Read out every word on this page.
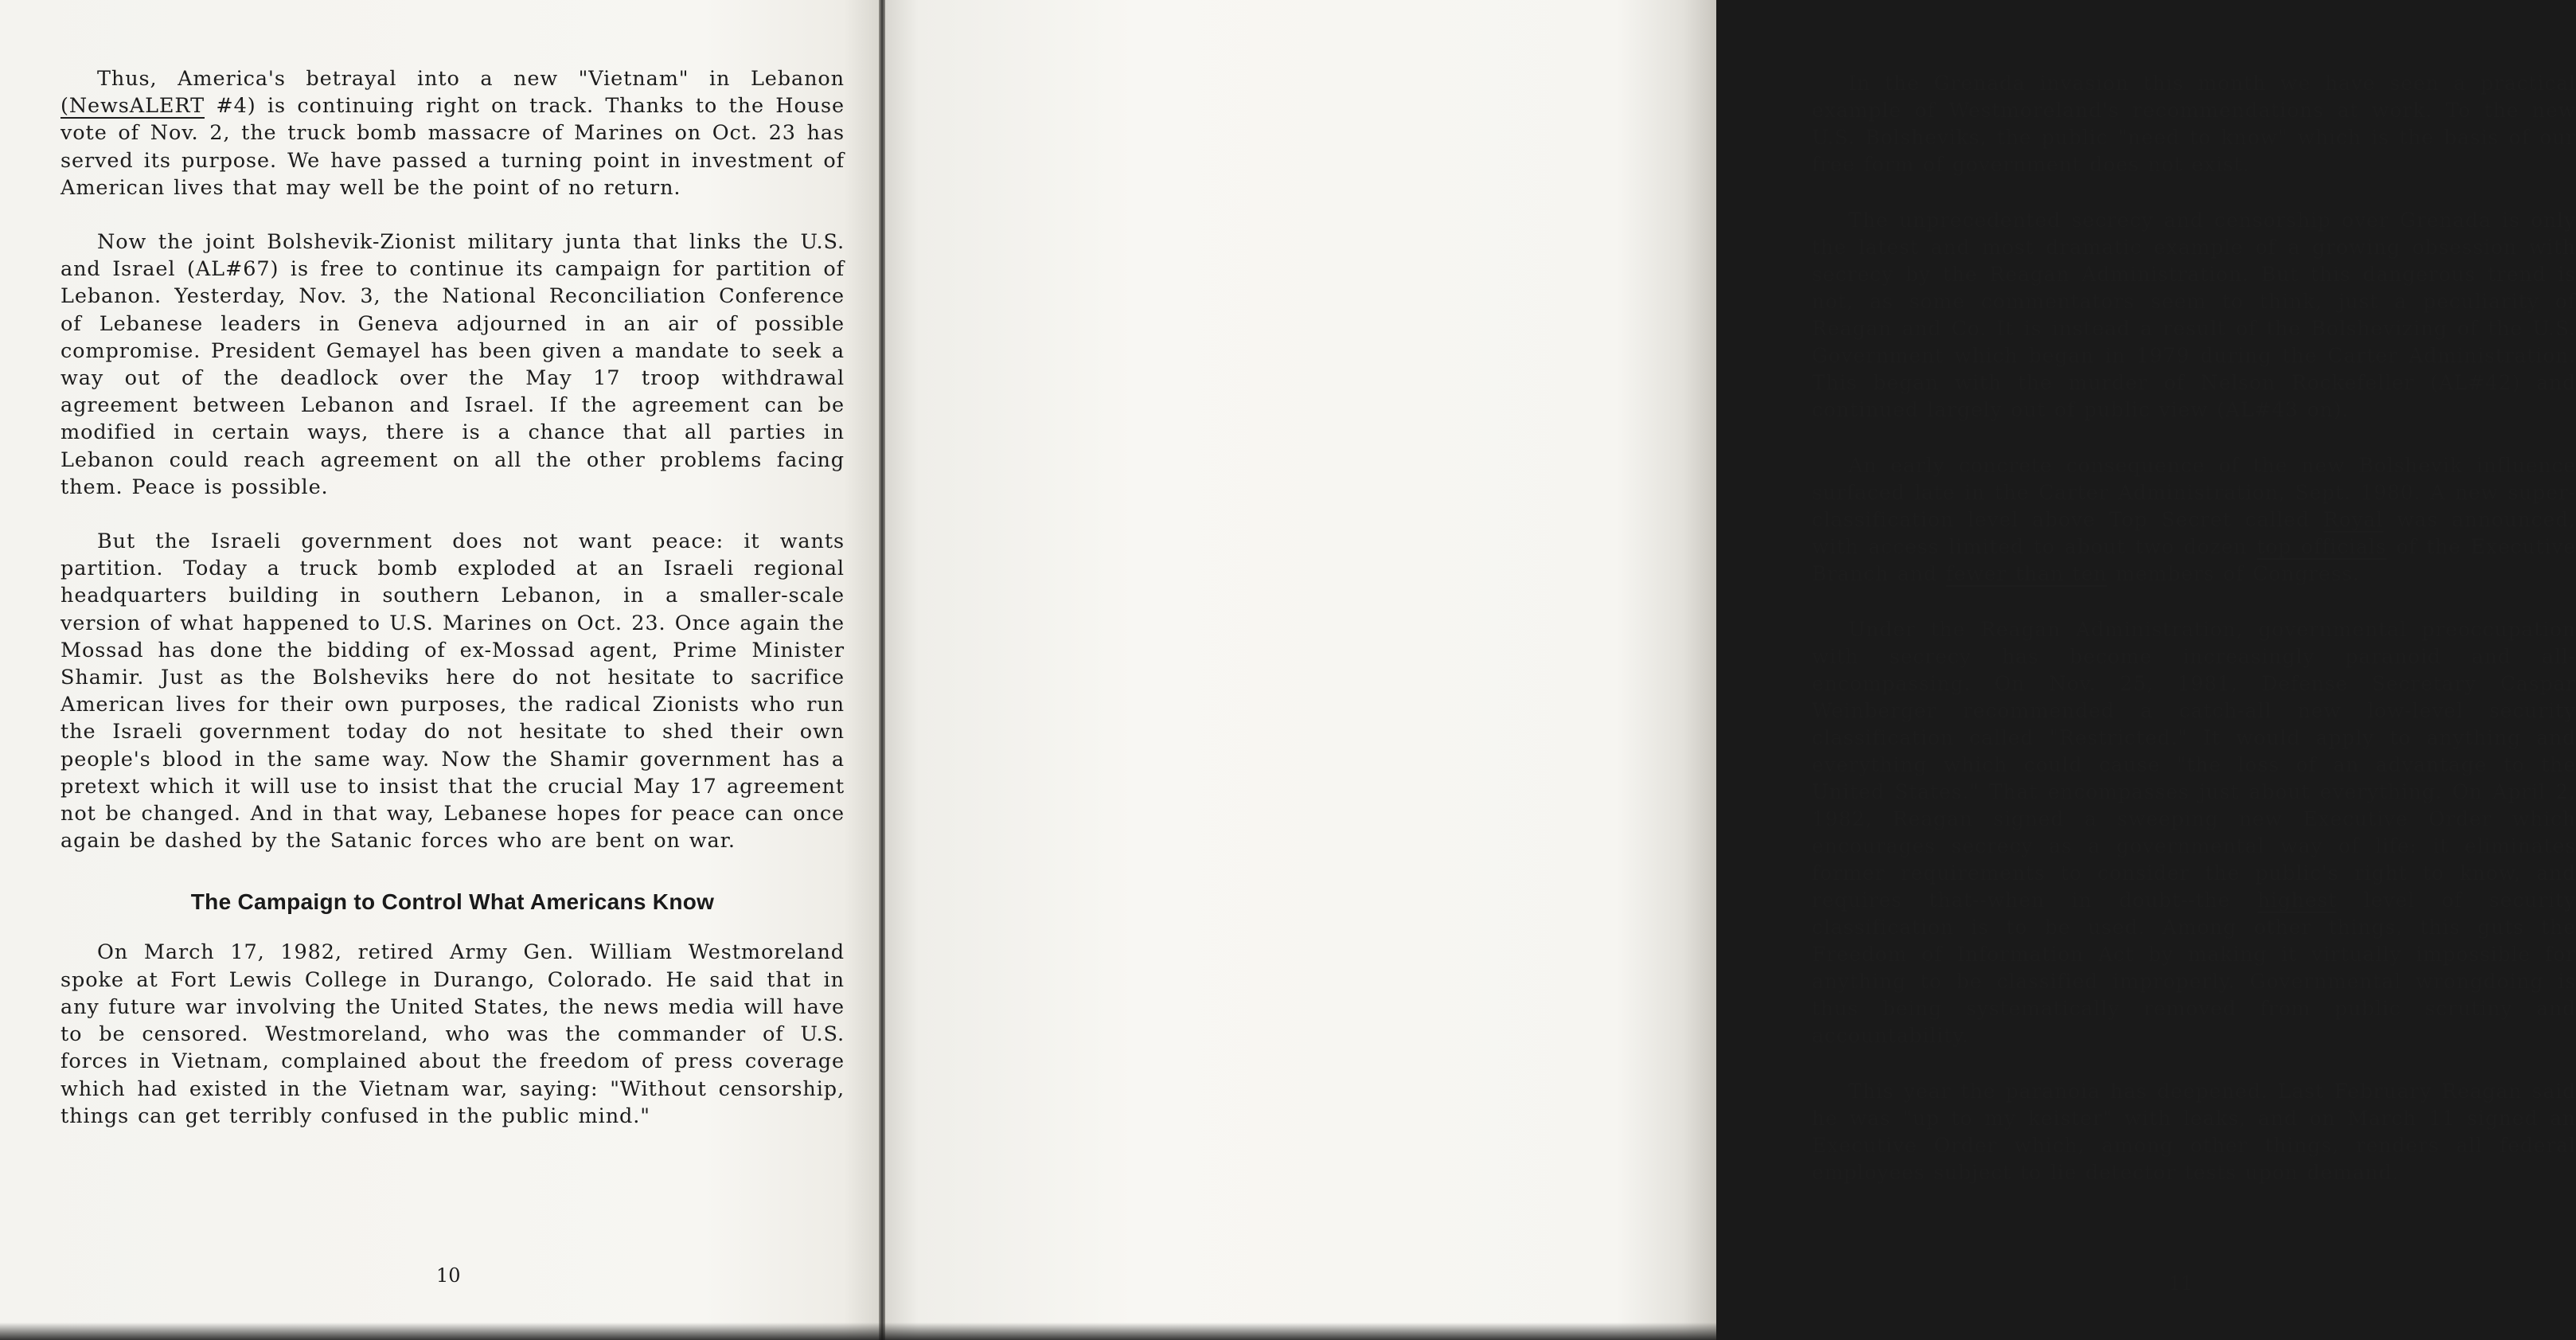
Thus, America's betrayal into a new "Vietnam" in Lebanon (NewsALERT #4) is continuing right on track. Thanks to the House vote of Nov. 2, the truck bomb massacre of Marines on Oct. 23 has served its purpose. We have passed a turning point in investment of American lives that may well be the point of no return.

Now the joint Bolshevik-Zionist military junta that links the U.S. and Israel (AL#67) is free to continue its campaign for partition of Lebanon. Yesterday, Nov. 3, the National Reconciliation Conference of Lebanese leaders in Geneva adjourned in an air of possible compromise. President Gemayel has been given a mandate to seek a way out of the deadlock over the May 17 troop withdrawal agreement between Lebanon and Israel. If the agreement can be modified in certain ways, there is a chance that all parties in Lebanon could reach agreement on all the other problems facing them. Peace is possible.

But the Israeli government does not want peace: it wants partition. Today a truck bomb exploded at an Israeli regional headquarters building in southern Lebanon, in a smaller-scale version of what happened to U.S. Marines on Oct. 23. Once again the Mossad has done the bidding of ex-Mossad agent, Prime Minister Shamir. Just as the Bolsheviks here do not hesitate to sacrifice American lives for their own purposes, the radical Zionists who run the Israeli government today do not hesitate to shed their own people's blood in the same way. Now the Shamir government has a pretext which it will use to insist that the crucial May 17 agreement not be changed. And in that way, Lebanese hopes for peace can once again be dashed by the Satanic forces who are bent on war.

The Campaign to Control What Americans Know

On March 17, 1982, retired Army Gen. William Westmoreland spoke at Fort Lewis College in Durango, Colorado. He said that in any future war involving the United States, the news media will have to be censored. Westmoreland, who was the commander of U.S. forces in Vietnam, complained about the freedom of press coverage which had existed in the Vietnam war, saying: "Without censorship, things can get terribly confused in the public mind."

10

In the Grenada invasion this month we have seen a practical example of Westmoreland's recommendations at work. To the new U.S. Bolsheviks, the public "need to know" which is the basis of our free form of government does not exist.

The unprecedented secrecy and censorship over Grenada is only the latest and most dramatic example of a growing obsession with secrecy by the Reagan Administration. But this dangerous trend is not, as some commentators seem to think, just a peculiarity of Reagan and Co. It is instead a result of the Bolshevizing of the U.S. Government which began in 1979 during the Carter Administration. This began with the murder of Nelson Rockefeller (AL#42) and continued largely out of public view (AL#43 on).

An early concrete consequence of the new Bolshevik influence surfaced late in the Carter Administration, Sept. 1980. A new super-classification level above Top Secret called Royal was announced, with access limited to about two dozen top officials of the Executive Branch and fewer than ten members of Congress.

Under the Reagan Administration, governmental preoccupation with secrecy has become increasingly paranoid and all-encompassing. On Nov. 25, 1981, Defense Secretary Caspar Weinberger recommended a catch-all new low-level security classification called "Restricted." It would apply to anything and everything which could cause "the loss of an advantage to the United States." That encompasses just about everything. On April 2, 1982, Reagan signed a sweeping new Executive Order which encourages secrecy as a governmental way of life: it eliminates former requirements to consider the public's right to know, and requires that--when in doubt--the highest level of security classification is to be used. Among other things, this guts the Freedom of Information Act by making it virtually impossible for anything to be classified improperly. Governmental wrongdoing is thus being systematically removed from public scrutiny and accountability.

This year the paranoia has deepened. Last February Reagan said he was "up to my keister" with leaks, and on March 11 signed an Executive Order which, among other things, renders all federal employees subject to lie detector tests upon demand.

11
